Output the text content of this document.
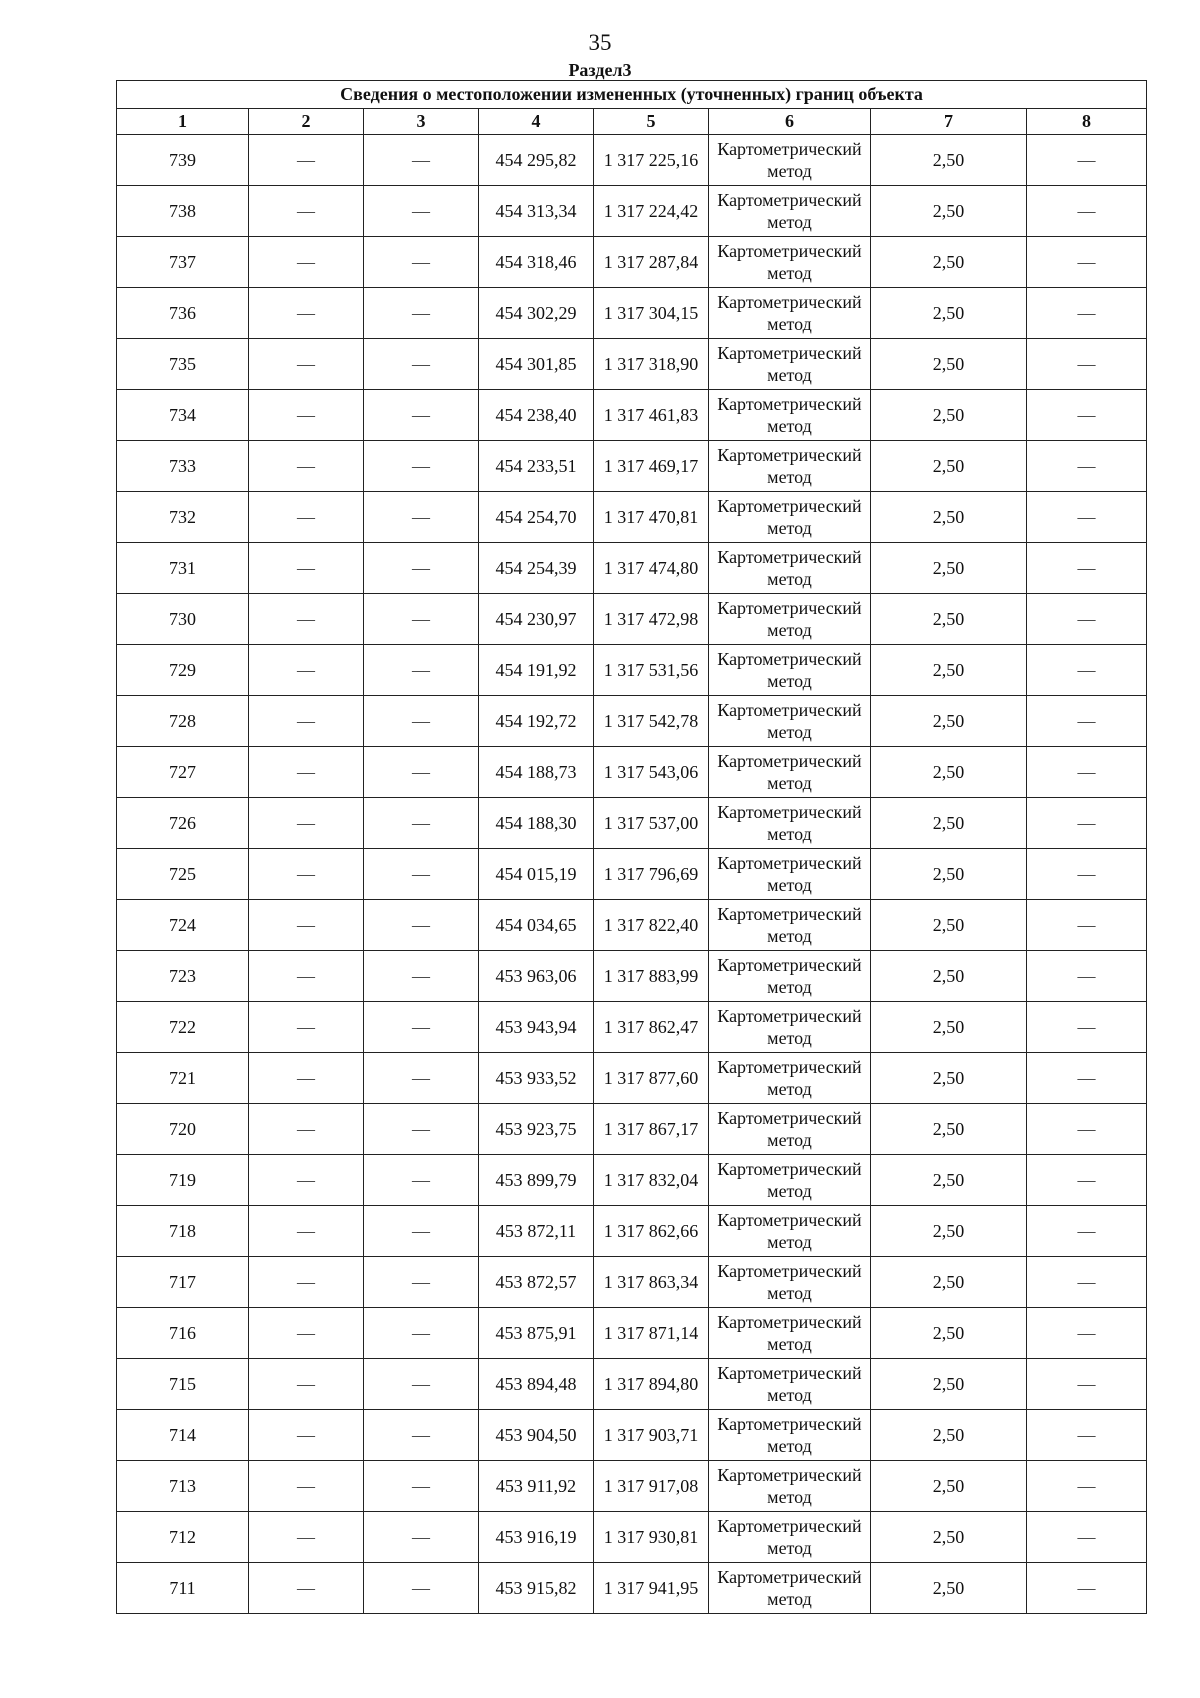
35
Раздел3
Сведения о местоположении измененных (уточненных) границ объекта							
1	2	3	4	5	6	7	8
739	—	—	454 295,82	1 317 225,16	Картометрический метод	2,50	—
738	—	—	454 313,34	1 317 224,42	Картометрический метод	2,50	—
737	—	—	454 318,46	1 317 287,84	Картометрический метод	2,50	—
736	—	—	454 302,29	1 317 304,15	Картометрический метод	2,50	—
735	—	—	454 301,85	1 317 318,90	Картометрический метод	2,50	—
734	—	—	454 238,40	1 317 461,83	Картометрический метод	2,50	—
733	—	—	454 233,51	1 317 469,17	Картометрический метод	2,50	—
732	—	—	454 254,70	1 317 470,81	Картометрический метод	2,50	—
731	—	—	454 254,39	1 317 474,80	Картометрический метод	2,50	—
730	—	—	454 230,97	1 317 472,98	Картометрический метод	2,50	—
729	—	—	454 191,92	1 317 531,56	Картометрический метод	2,50	—
728	—	—	454 192,72	1 317 542,78	Картометрический метод	2,50	—
727	—	—	454 188,73	1 317 543,06	Картометрический метод	2,50	—
726	—	—	454 188,30	1 317 537,00	Картометрический метод	2,50	—
725	—	—	454 015,19	1 317 796,69	Картометрический метод	2,50	—
724	—	—	454 034,65	1 317 822,40	Картометрический метод	2,50	—
723	—	—	453 963,06	1 317 883,99	Картометрический метод	2,50	—
722	—	—	453 943,94	1 317 862,47	Картометрический метод	2,50	—
721	—	—	453 933,52	1 317 877,60	Картометрический метод	2,50	—
720	—	—	453 923,75	1 317 867,17	Картометрический метод	2,50	—
719	—	—	453 899,79	1 317 832,04	Картометрический метод	2,50	—
718	—	—	453 872,11	1 317 862,66	Картометрический метод	2,50	—
717	—	—	453 872,57	1 317 863,34	Картометрический метод	2,50	—
716	—	—	453 875,91	1 317 871,14	Картометрический метод	2,50	—
715	—	—	453 894,48	1 317 894,80	Картометрический метод	2,50	—
714	—	—	453 904,50	1 317 903,71	Картометрический метод	2,50	—
713	—	—	453 911,92	1 317 917,08	Картометрический метод	2,50	—
712	—	—	453 916,19	1 317 930,81	Картометрический метод	2,50	—
711	—	—	453 915,82	1 317 941,95	Картометрический метод	2,50	—
